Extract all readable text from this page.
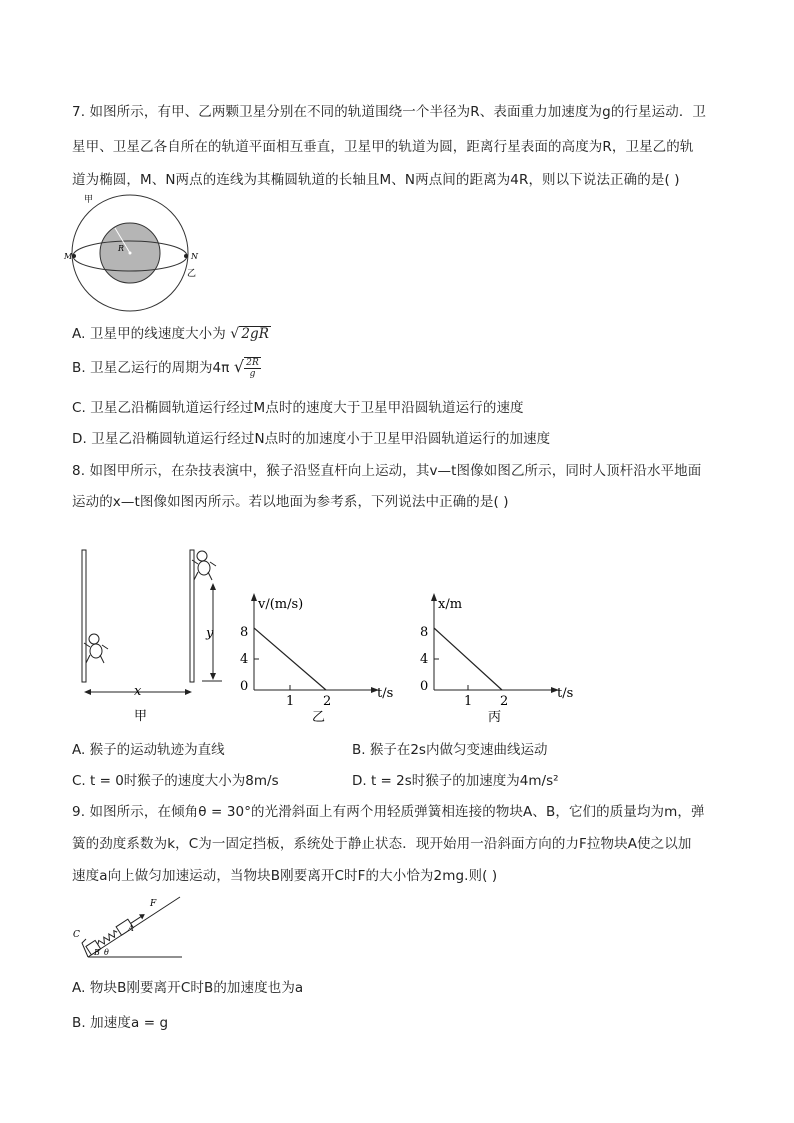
7. 如图所示，有甲、乙两颗卫星分别在不同的轨道围绕一个半径为R、表面重力加速度为g的行星运动．卫
星甲、卫星乙各自所在的轨道平面相互垂直，卫星甲的轨道为圆，距离行星表面的高度为R，卫星乙的轨
道为椭圆，M、N两点的连线为其椭圆轨道的长轴且M、N两点间的距离为4R，则以下说法正确的是( )
甲
R
M	N
乙
A. 卫星甲的线速度大小为 √ 2gR
B. 卫星乙运行的周期为4π √ $\frac{2R}{g}$
C. 卫星乙沿椭圆轨道运行经过M点时的速度大于卫星甲沿圆轨道运行的速度
D. 卫星乙沿椭圆轨道运行经过N点时的加速度小于卫星甲沿圆轨道运行的加速度
8. 如图甲所示，在杂技表演中，猴子沿竖直杆向上运动，其v—t图像如图乙所示，同时人顶杆沿水平地面
运动的x—t图像如图丙所示。若以地面为参考系，下列说法中正确的是( )
y
x
甲
v/(m/s)
t/s
8
4
0
1 2
乙
x/m
t/s
8
4
0
1 2
丙
A. 猴子的运动轨迹为直线	B. 猴子在2s内做匀变速曲线运动
C. t = 0时猴子的速度大小为8m/s	D. t = 2s时猴子的加速度为4m/s²
9. 如图所示，在倾角θ = 30°的光滑斜面上有两个用轻质弹簧相连接的物块A、B，它们的质量均为m，弹
簧的劲度系数为k，C为一固定挡板，系统处于静止状态．现开始用一沿斜面方向的力F拉物块A使之以加
速度a向上做匀加速运动，当物块B刚要离开C时F的大小恰为2mg.则( )
C
B
A
F
θ
A. 物块B刚要离开C时B的加速度也为a
B. 加速度a = g
